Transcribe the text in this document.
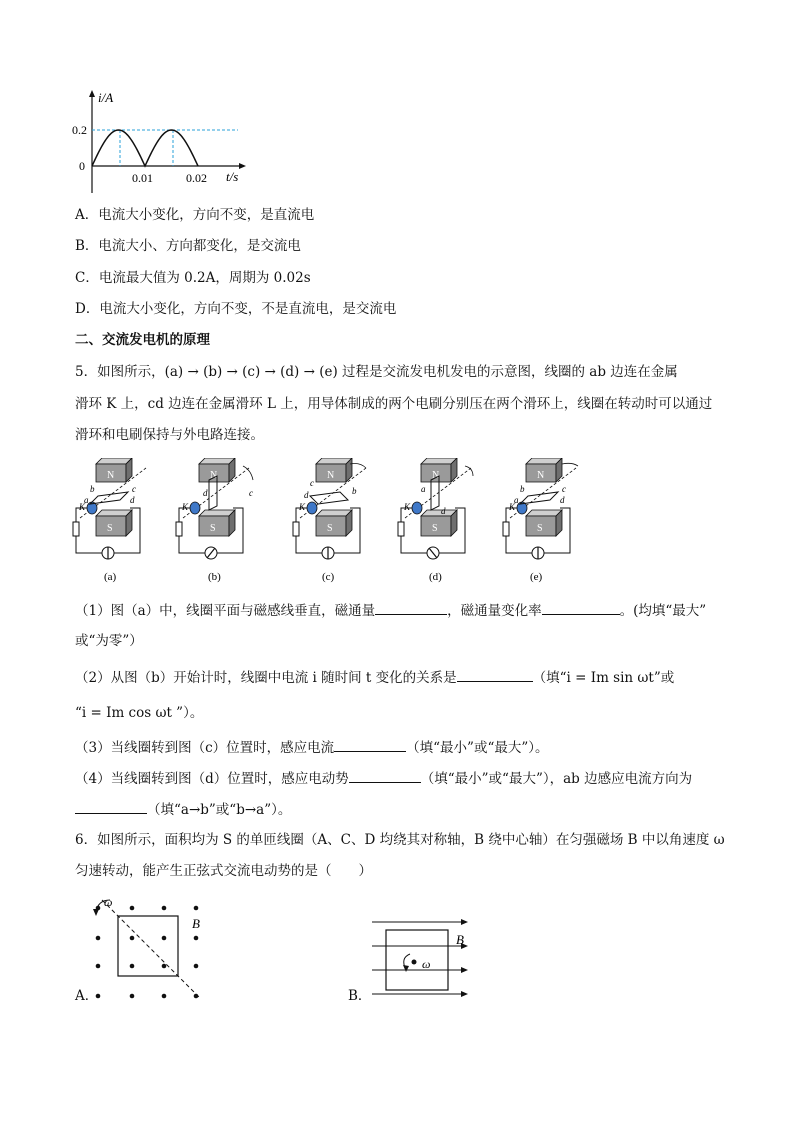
i/A
0.2
0
0.01	0.02 t/s
A．电流大小变化，方向不变，是直流电
B．电流大小、方向都变化，是交流电
C．电流最大值为 0.2A，周期为 0.02s
D．电流大小变化，方向不变，不是直流电，是交流电
二、交流发电机的原理
5．如图所示，(a) → (b) → (c) → (d) → (e) 过程是交流发电机发电的示意图，线圈的 ab 边连在金属
滑环 K 上，cd 边连在金属滑环 L 上，用导体制成的两个电刷分别压在两个滑环上，线圈在转动时可以通过
滑环和电刷保持与外电路连接。
b	c
a	d
K
c
d
K
d	b
c
K
a
d
K
b	c
a	d
K
(a)	(b)	(c)	(d)	(e)
（1）图（a）中，线圈平面与磁感线垂直，磁通量	，磁通量变化率	。(均填“最大”
或“为零”）
（2）从图（b）开始计时，线圈中电流 i 随时间 t 变化的关系是	（填“i = Im sin ωt”或
“i = Im cos ωt ”）。
（3）当线圈转到图（c）位置时，感应电流	（填“最小”或“最大”）。
（4）当线圈转到图（d）位置时，感应电动势	（填“最小”或“最大”），ab 边感应电流方向为
（填“a→b”或“b→a”）。
6．如图所示，面积均为 S 的单匝线圈（A、C、D 均绕其对称轴，B 绕中心轴）在匀强磁场 B 中以角速度 ω
匀速转动，能产生正弦式交流电动势的是（　　）
ω
B
A．
ω
B
B．
